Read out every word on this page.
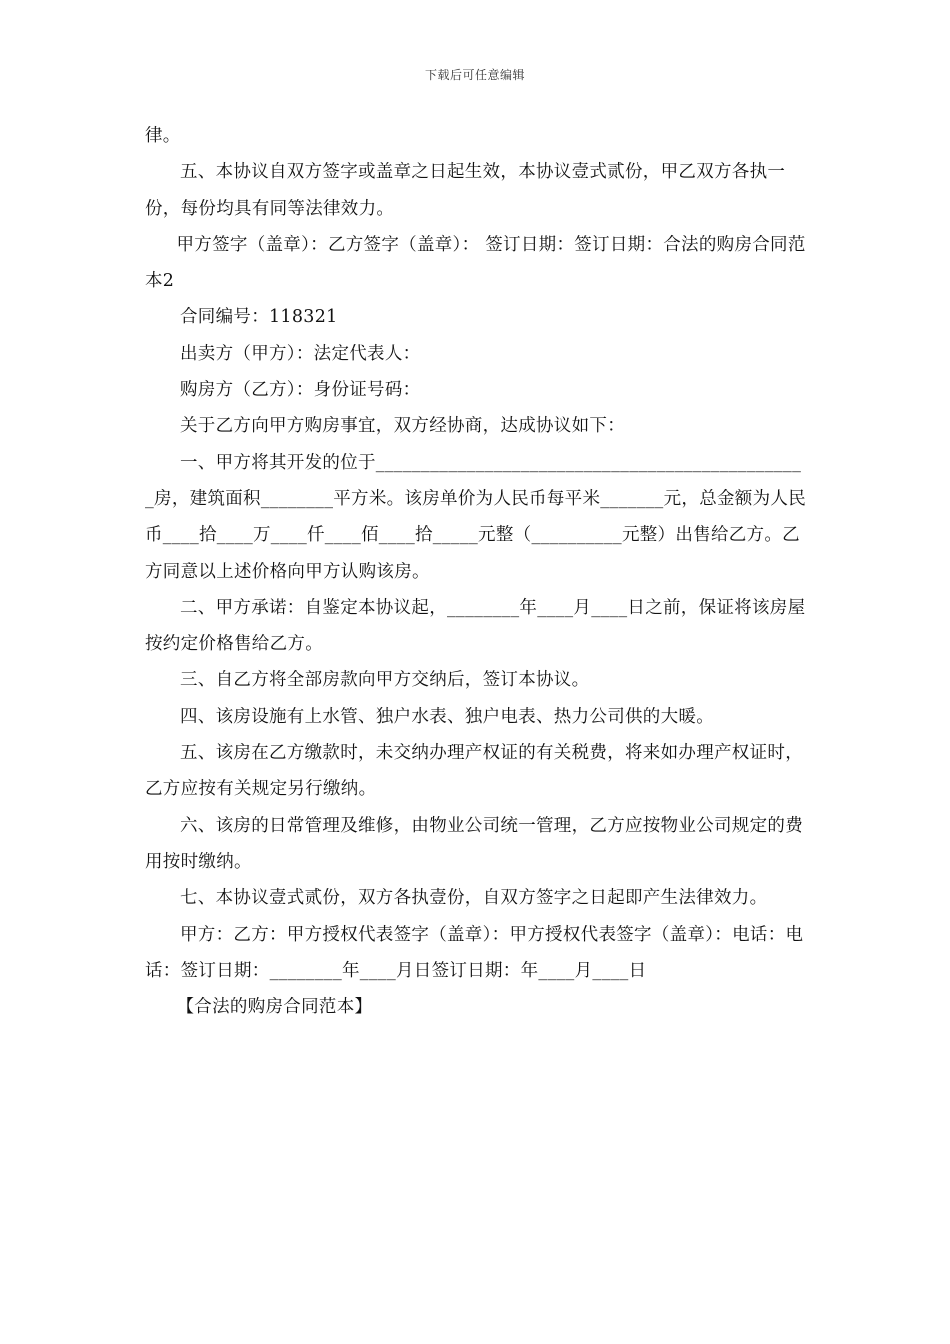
下载后可任意编辑

律。

五、本协议自双方签字或盖章之日起生效，本协议壹式贰份，甲乙双方各执一份，每份均具有同等法律效力。

甲方签字（盖章）：乙方签字（盖章）： 签订日期：签订日期：合法的购房合同范本2

合同编号：118321

出卖方（甲方）：法定代表人：

购房方（乙方）：身份证号码：

关于乙方向甲方购房事宜，双方经协商，达成协议如下：

一、甲方将其开发的位于________________________________________________房，建筑面积________平方米。该房单价为人民币每平米_______元，总金额为人民币____拾____万____仟____佰____拾_____元整（__________元整）出售给乙方。乙方同意以上述价格向甲方认购该房。

二、甲方承诺：自鉴定本协议起，________年____月____日之前，保证将该房屋按约定价格售给乙方。

三、自乙方将全部房款向甲方交纳后，签订本协议。

四、该房设施有上水管、独户水表、独户电表、热力公司供的大暖。

五、该房在乙方缴款时，未交纳办理产权证的有关税费，将来如办理产权证时，乙方应按有关规定另行缴纳。

六、该房的日常管理及维修，由物业公司统一管理，乙方应按物业公司规定的费用按时缴纳。

七、本协议壹式贰份，双方各执壹份，自双方签字之日起即产生法律效力。

甲方：乙方：甲方授权代表签字（盖章）：甲方授权代表签字（盖章）：电话：电话：签订日期：________年____月日签订日期：年____月____日

【合法的购房合同范本】
